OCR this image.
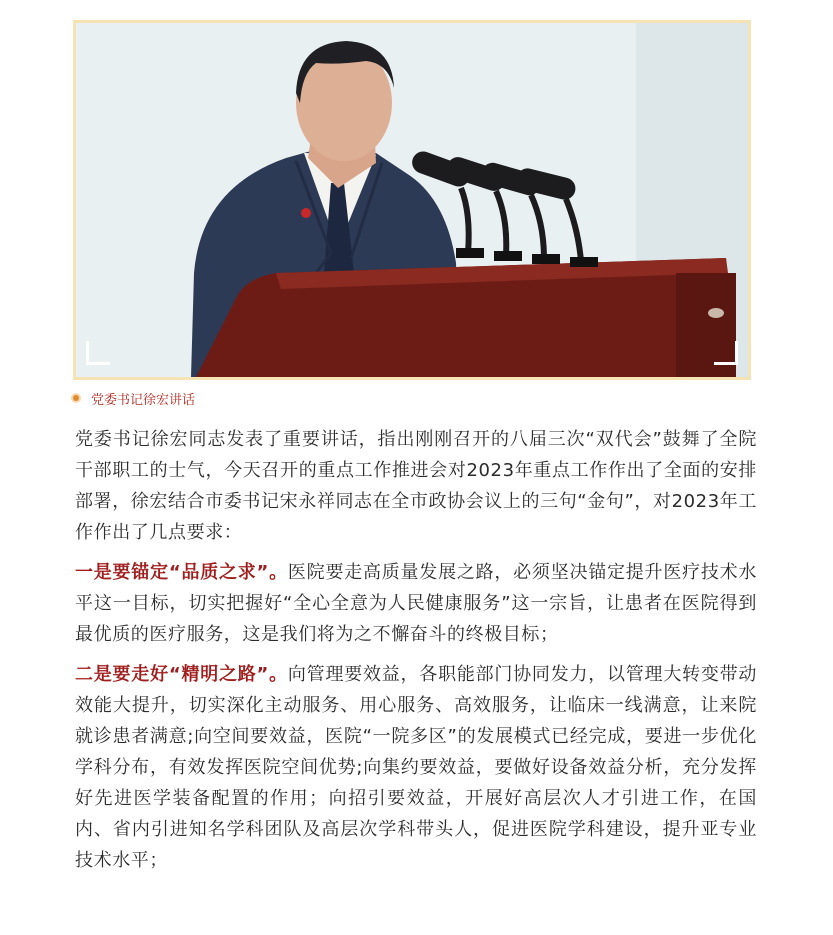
党委书记徐宏讲话

党委书记徐宏同志发表了重要讲话，指出刚刚召开的八届三次“双代会”鼓舞了全院干部职工的士气，今天召开的重点工作推进会对2023年重点工作作出了全面的安排部署，徐宏结合市委书记宋永祥同志在全市政协会议上的三句“金句”，对2023年工作作出了几点要求：

一是要锚定“品质之求”。医院要走高质量发展之路，必须坚决锚定提升医疗技术水平这一目标，切实把握好“全心全意为人民健康服务”这一宗旨，让患者在医院得到最优质的医疗服务，这是我们将为之不懈奋斗的终极目标；

二是要走好“精明之路”。向管理要效益，各职能部门协同发力，以管理大转变带动效能大提升，切实深化主动服务、用心服务、高效服务，让临床一线满意，让来院就诊患者满意;向空间要效益，医院“一院多区”的发展模式已经完成，要进一步优化学科分布，有效发挥医院空间优势;向集约要效益，要做好设备效益分析，充分发挥好先进医学装备配置的作用；向招引要效益，开展好高层次人才引进工作，在国内、省内引进知名学科团队及高层次学科带头人，促进医院学科建设，提升亚专业技术水平；
